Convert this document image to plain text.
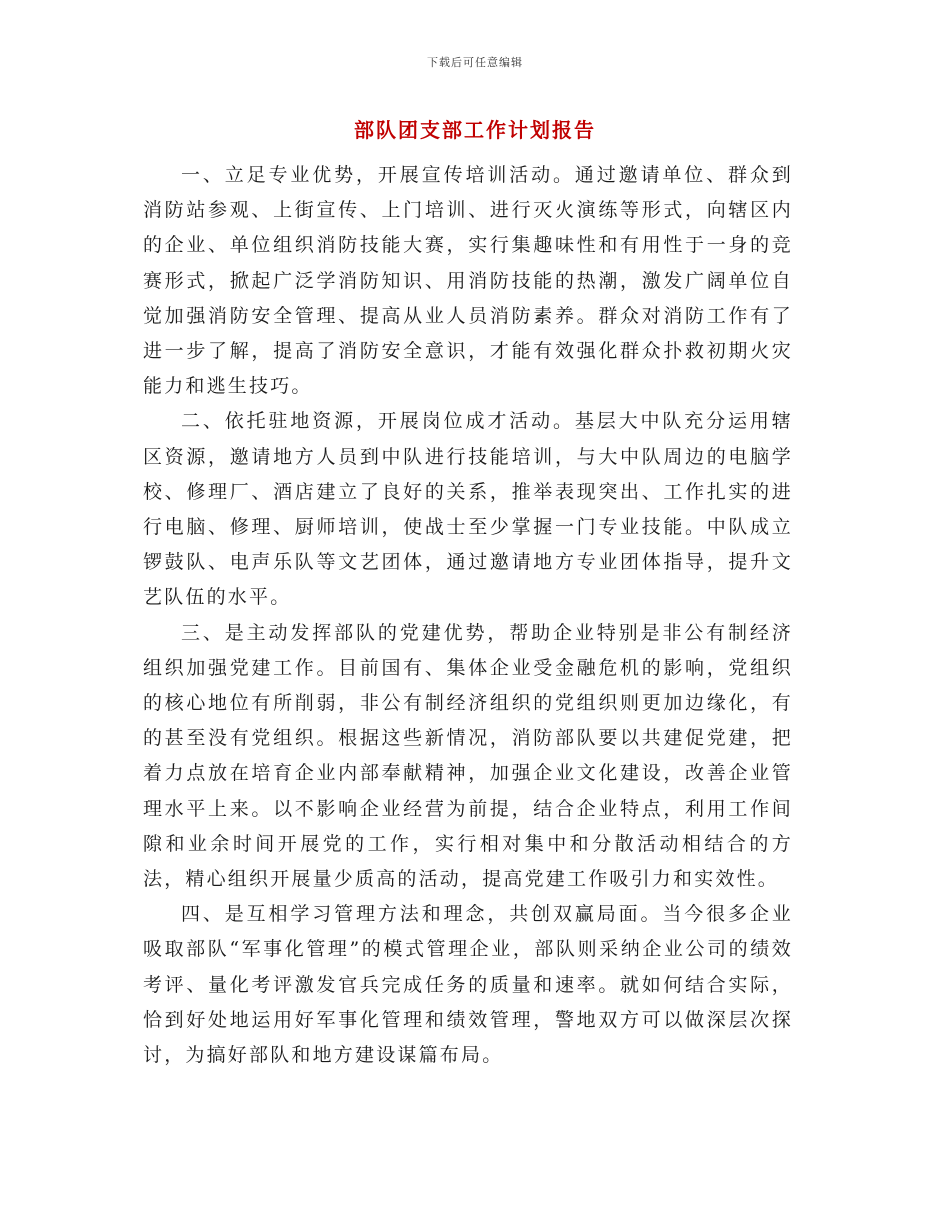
下载后可任意编辑
部队团支部工作计划报告

一、立足专业优势，开展宣传培训活动。通过邀请单位、群众到消防站参观、上街宣传、上门培训、进行灭火演练等形式，向辖区内的企业、单位组织消防技能大赛，实行集趣味性和有用性于一身的竞赛形式，掀起广泛学消防知识、用消防技能的热潮，激发广阔单位自觉加强消防安全管理、提高从业人员消防素养。群众对消防工作有了进一步了解，提高了消防安全意识，才能有效强化群众扑救初期火灾能力和逃生技巧。

二、依托驻地资源，开展岗位成才活动。基层大中队充分运用辖区资源，邀请地方人员到中队进行技能培训，与大中队周边的电脑学校、修理厂、酒店建立了良好的关系，推举表现突出、工作扎实的进行电脑、修理、厨师培训，使战士至少掌握一门专业技能。中队成立锣鼓队、电声乐队等文艺团体，通过邀请地方专业团体指导，提升文艺队伍的水平。

三、是主动发挥部队的党建优势，帮助企业特别是非公有制经济组织加强党建工作。目前国有、集体企业受金融危机的影响，党组织的核心地位有所削弱，非公有制经济组织的党组织则更加边缘化，有的甚至没有党组织。根据这些新情况，消防部队要以共建促党建，把着力点放在培育企业内部奉献精神，加强企业文化建设，改善企业管理水平上来。以不影响企业经营为前提，结合企业特点，利用工作间隙和业余时间开展党的工作，实行相对集中和分散活动相结合的方法，精心组织开展量少质高的活动，提高党建工作吸引力和实效性。

四、是互相学习管理方法和理念，共创双赢局面。当今很多企业吸取部队“军事化管理”的模式管理企业，部队则采纳企业公司的绩效考评、量化考评激发官兵完成任务的质量和速率。就如何结合实际，恰到好处地运用好军事化管理和绩效管理，警地双方可以做深层次探讨，为搞好部队和地方建设谋篇布局。
